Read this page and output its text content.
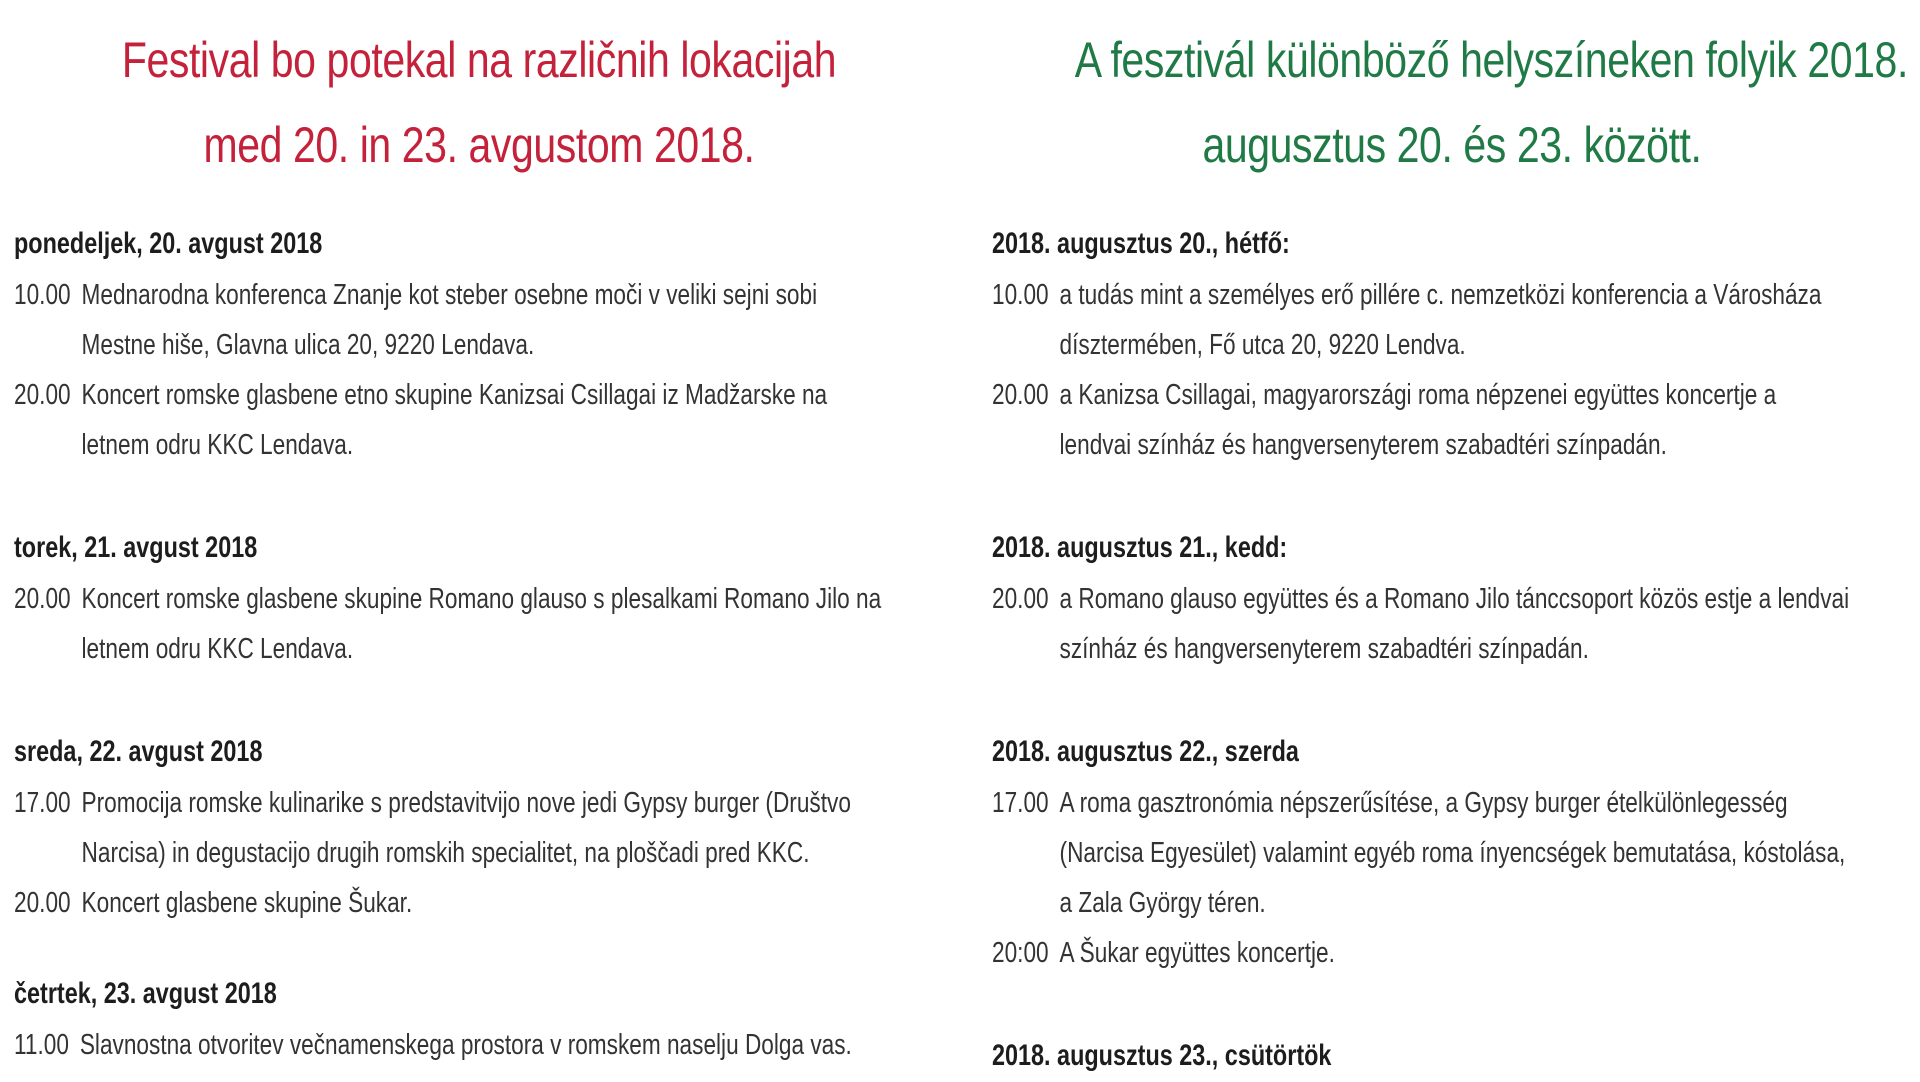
Festival bo potekal na različnih lokacijah
med 20. in 23. avgustom 2018.
ponedeljek, 20. avgust 2018
10.00 Mednarodna konferenca Znanje kot steber osebne moči v veliki sejni sobi
Mestne hiše, Glavna ulica 20, 9220 Lendava.
20.00 Koncert romske glasbene etno skupine Kanizsai Csillagai iz Madžarske na
letnem odru KKC Lendava.
torek, 21. avgust 2018
20.00 Koncert romske glasbene skupine Romano glauso s plesalkami Romano Jilo na
letnem odru KKC Lendava.
sreda, 22. avgust 2018
17.00 Promocija romske kulinarike s predstavitvijo nove jedi Gypsy burger (Društvo
Narcisa) in degustacijo drugih romskih specialitet, na ploščadi pred KKC.
20.00 Koncert glasbene skupine Šukar.
četrtek, 23. avgust 2018
11.00 Slavnostna otvoritev večnamenskega prostora v romskem naselju Dolga vas.
A fesztivál különböző helyszíneken folyik 2018.
augusztus 20. és 23. között.
2018. augusztus 20., hétfő:
10.00 a tudás mint a személyes erő pillére c. nemzetközi konferencia a Városháza
dísztermében, Fő utca 20, 9220 Lendva.
20.00 a Kanizsa Csillagai, magyarországi roma népzenei együttes koncertje a
lendvai színház és hangversenyterem szabadtéri színpadán.
2018. augusztus 21., kedd:
20.00 a Romano glauso együttes és a Romano Jilo tánccsoport közös estje a lendvai
színház és hangversenyterem szabadtéri színpadán.
2018. augusztus 22., szerda
17.00 A roma gasztronómia népszerűsítése, a Gypsy burger ételkülönlegesség
(Narcisa Egyesület) valamint egyéb roma ínyencségek bemutatása, kóstolása,
a Zala György téren.
20:00 A Šukar együttes koncertje.
2018. augusztus 23., csütörtök
